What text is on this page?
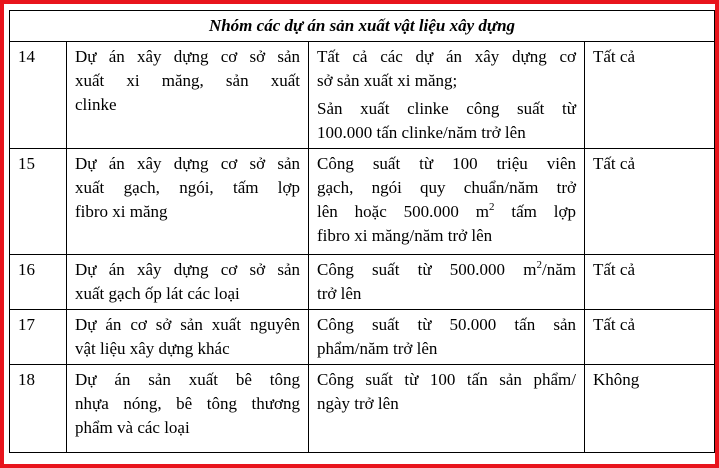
Nhóm các dự án sản xuất vật liệu xây dựng			
14	Dự án xây dựng cơ sở sản
xuất xi măng, sản xuất
clinke	Tất cả các dự án xây dựng cơ
sở sản xuất xi măng;
Sản xuất clinke công suất từ
100.000 tấn clinke/năm trở lên	Tất cả
15	Dự án xây dựng cơ sở sản
xuất gạch, ngói, tấm lợp
fibro xi măng	Công suất từ 100 triệu viên
gạch, ngói quy chuẩn/năm trở
lên hoặc 500.000 $m^2$ tấm lợp
fibro xi măng/năm trở lên	Tất cả
16	Dự án xây dựng cơ sở sản
xuất gạch ốp lát các loại	Công suất từ 500.000 $m^2$/năm
trở lên	Tất cả
17	Dự án cơ sở sản xuất nguyên
vật liệu xây dựng khác	Công suất từ 50.000 tấn sản
phẩm/năm trở lên	Tất cả
18	Dự án sản xuất bê tông
nhựa nóng, bê tông thương
phẩm và các loại	Công suất từ 100 tấn sản phẩm/
ngày trở lên	Không
